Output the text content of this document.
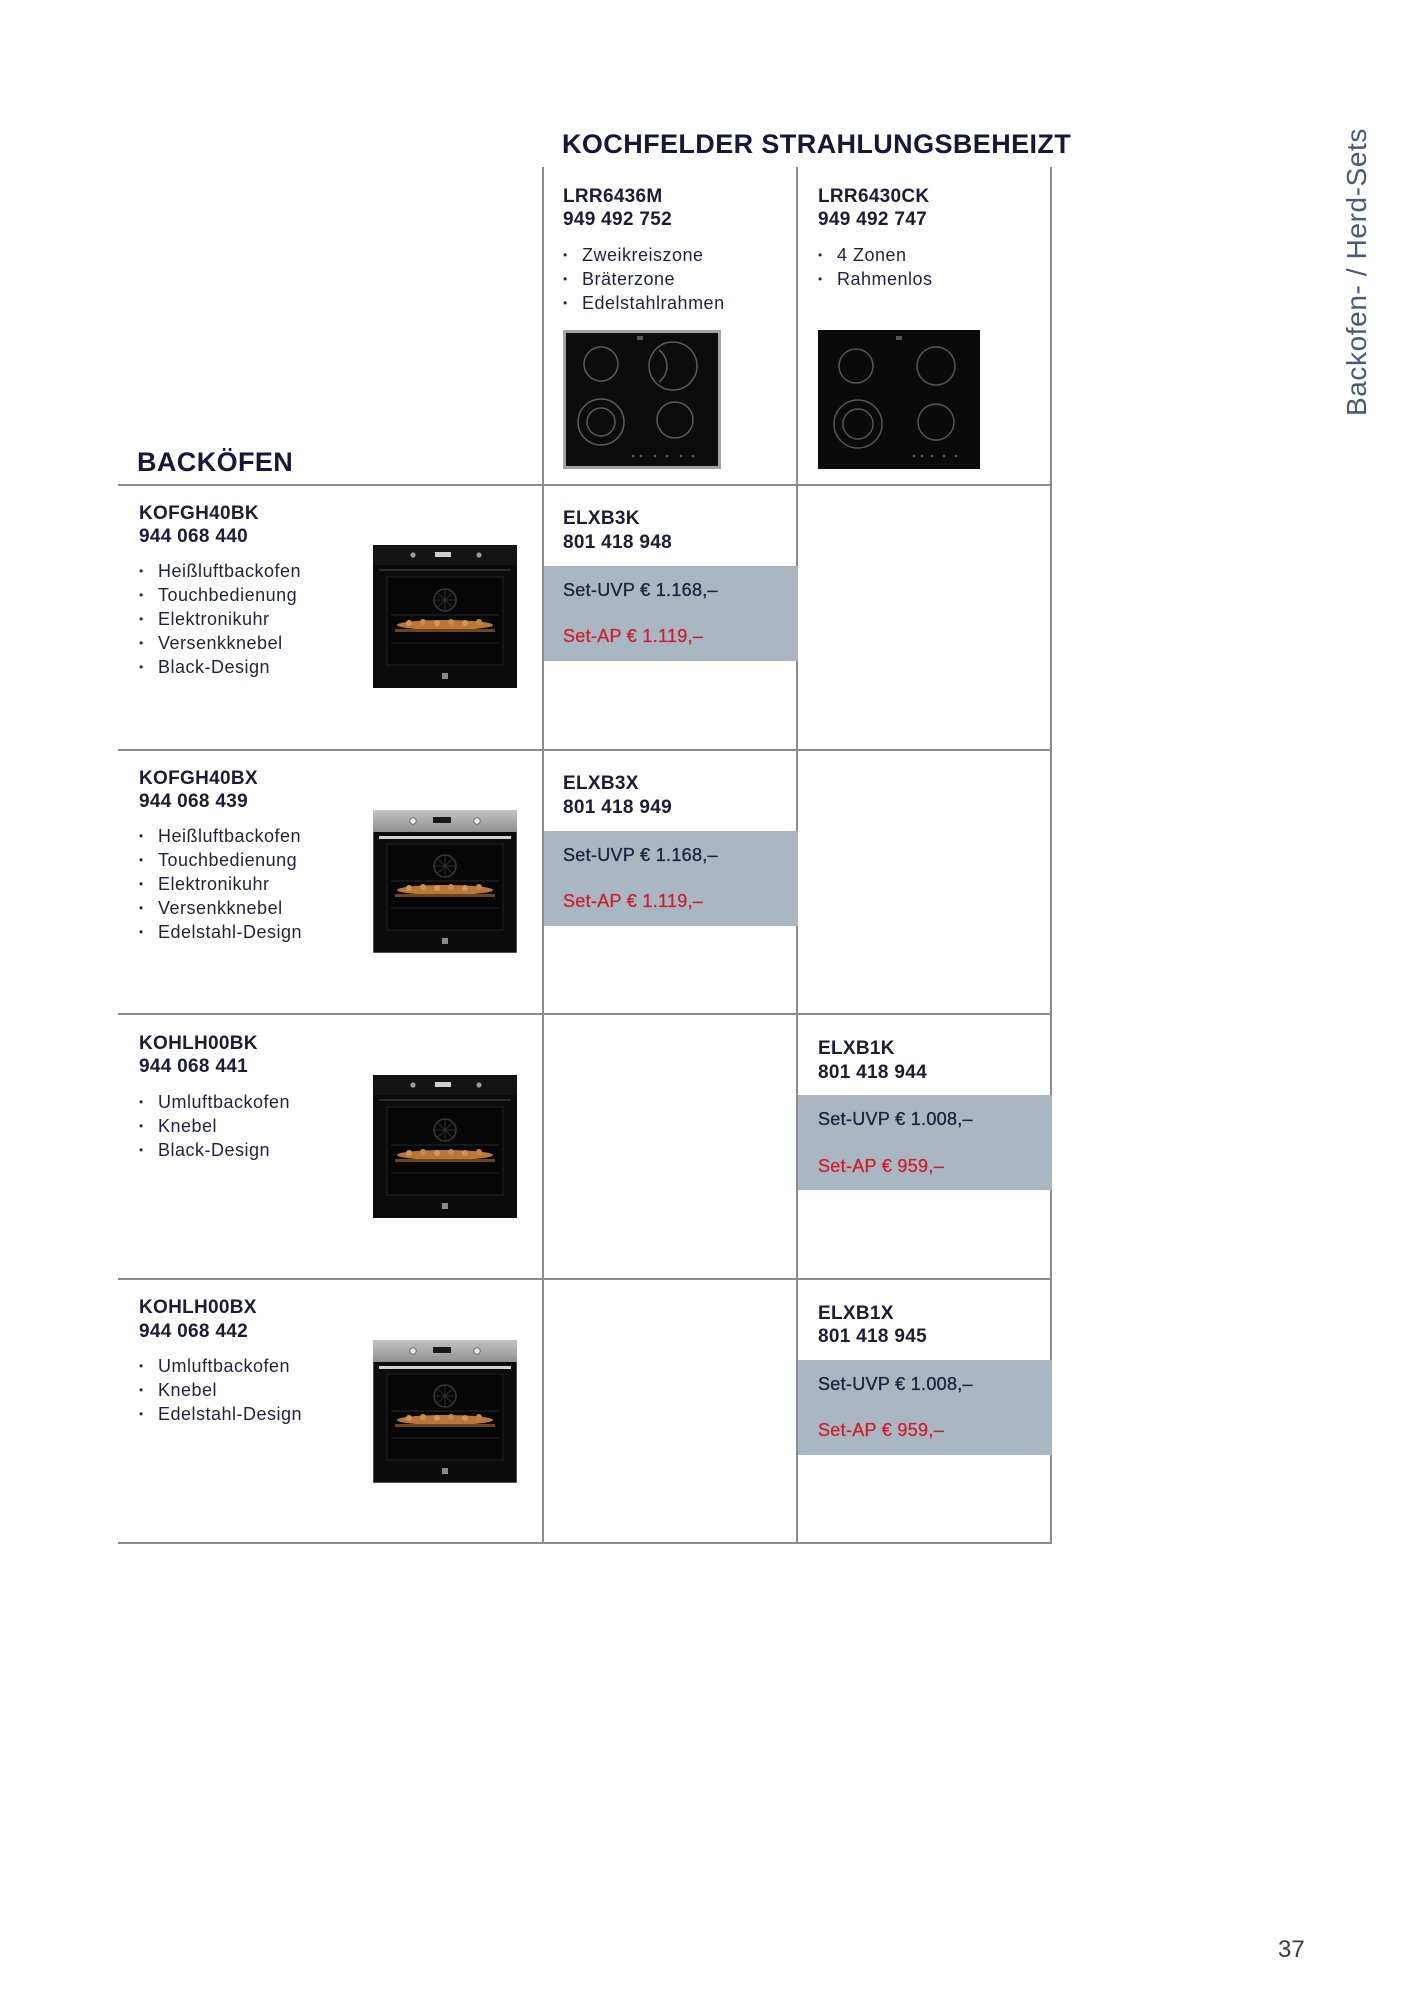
Backofen- / Herd-Sets
KOCHFELDER STRAHLUNGSBEHEIZT
LRR6436M
949 492 752
• Zweikreiszone
• Bräterzone
• Edelstahlrahmen
LRR6430CK
949 492 747
• 4 Zonen
• Rahmenlos
BACKÖFEN
KOFGH40BK
944 068 440
• Heißluftbackofen
• Touchbedienung
• Elektronikuhr
• Versenkknebel
• Black-Design
ELXB3K
801 418 948
Set-UVP € 1.168,–
Set-AP € 1.119,–
KOFGH40BX
944 068 439
• Heißluftbackofen
• Touchbedienung
• Elektronikuhr
• Versenkknebel
• Edelstahl-Design
ELXB3X
801 418 949
Set-UVP € 1.168,–
Set-AP € 1.119,–
KOHLH00BK
944 068 441
• Umluftbackofen
• Knebel
• Black-Design
ELXB1K
801 418 944
Set-UVP € 1.008,–
Set-AP € 959,–
KOHLH00BX
944 068 442
• Umluftbackofen
• Knebel
• Edelstahl-Design
ELXB1X
801 418 945
Set-UVP € 1.008,–
Set-AP € 959,–
37
